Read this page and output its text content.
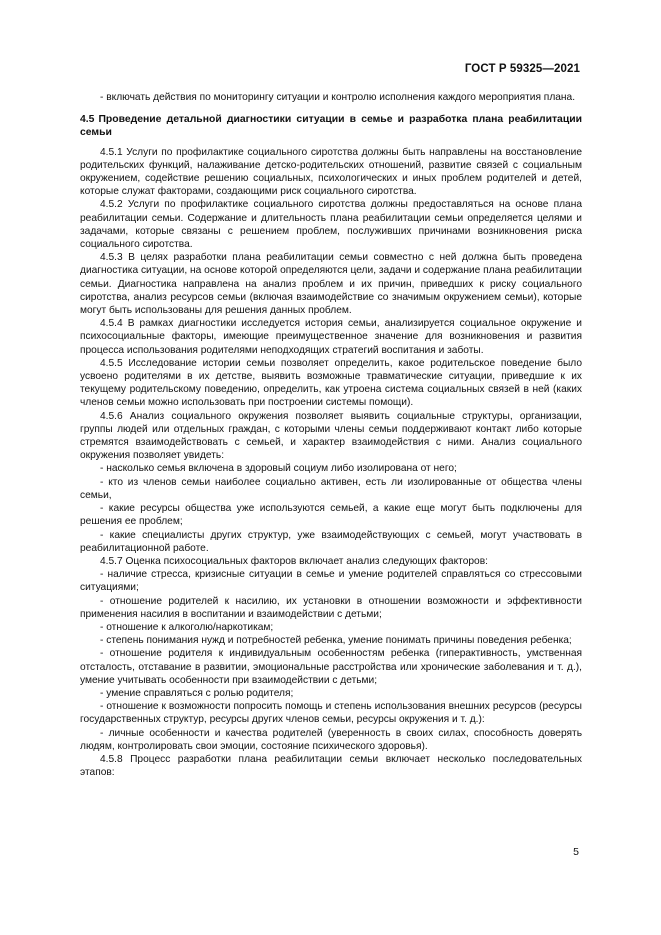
ГОСТ Р 59325—2021

- включать действия по мониторингу ситуации и контролю исполнения каждого мероприятия плана.

4.5 Проведение детальной диагностики ситуации в семье и разработка плана реабилитации семьи

4.5.1 Услуги по профилактике социального сиротства должны быть направлены на восстановление родительских функций, налаживание детско-родительских отношений, развитие связей с социальным окружением, содействие решению социальных, психологических и иных проблем родителей и детей, которые служат факторами, создающими риск социального сиротства.

4.5.2 Услуги по профилактике социального сиротства должны предоставляться на основе плана реабилитации семьи. Содержание и длительность плана реабилитации семьи определяется целями и задачами, которые связаны с решением проблем, послуживших причинами возникновения риска социального сиротства.

4.5.3 В целях разработки плана реабилитации семьи совместно с ней должна быть проведена диагностика ситуации, на основе которой определяются цели, задачи и содержание плана реабилитации семьи. Диагностика направлена на анализ проблем и их причин, приведших к риску социального сиротства, анализ ресурсов семьи (включая взаимодействие со значимым окружением семьи), которые могут быть использованы для решения данных проблем.

4.5.4 В рамках диагностики исследуется история семьи, анализируется социальное окружение и психосоциальные факторы, имеющие преимущественное значение для возникновения и развития процесса использования родителями неподходящих стратегий воспитания и заботы.

4.5.5 Исследование истории семьи позволяет определить, какое родительское поведение было усвоено родителями в их детстве, выявить возможные травматические ситуации, приведшие к их текущему родительскому поведению, определить, как утроена система социальных связей в ней (каких членов семьи можно использовать при построении системы помощи).

4.5.6 Анализ социального окружения позволяет выявить социальные структуры, организации, группы людей или отдельных граждан, с которыми члены семьи поддерживают контакт либо которые стремятся взаимодействовать с семьей, и характер взаимодействия с ними. Анализ социального окружения позволяет увидеть:

- насколько семья включена в здоровый социум либо изолирована от него;

- кто из членов семьи наиболее социально активен, есть ли изолированные от общества члены семьи,

- какие ресурсы общества уже используются семьей, а какие еще могут быть подключены для решения ее проблем;

- какие специалисты других структур, уже взаимодействующих с семьей, могут участвовать в реабилитационной работе.

4.5.7 Оценка психосоциальных факторов включает анализ следующих факторов:

- наличие стресса, кризисные ситуации в семье и умение родителей справляться со стрессовыми ситуациями;

- отношение родителей к насилию, их установки в отношении возможности и эффективности применения насилия в воспитании и взаимодействии с детьми;

- отношение к алкоголю/наркотикам;

- степень понимания нужд и потребностей ребенка, умение понимать причины поведения ребенка;

- отношение родителя к индивидуальным особенностям ребенка (гиперактивность, умственная отсталость, отставание в развитии, эмоциональные расстройства или хронические заболевания и т. д.), умение учитывать особенности при взаимодействии с детьми;

- умение справляться с ролью родителя;

- отношение к возможности попросить помощь и степень использования внешних ресурсов (ресурсы государственных структур, ресурсы других членов семьи, ресурсы окружения и т. д.):

- личные особенности и качества родителей (уверенность в своих силах, способность доверять людям, контролировать свои эмоции, состояние психического здоровья).

4.5.8 Процесс разработки плана реабилитации семьи включает несколько последовательных этапов:

5
